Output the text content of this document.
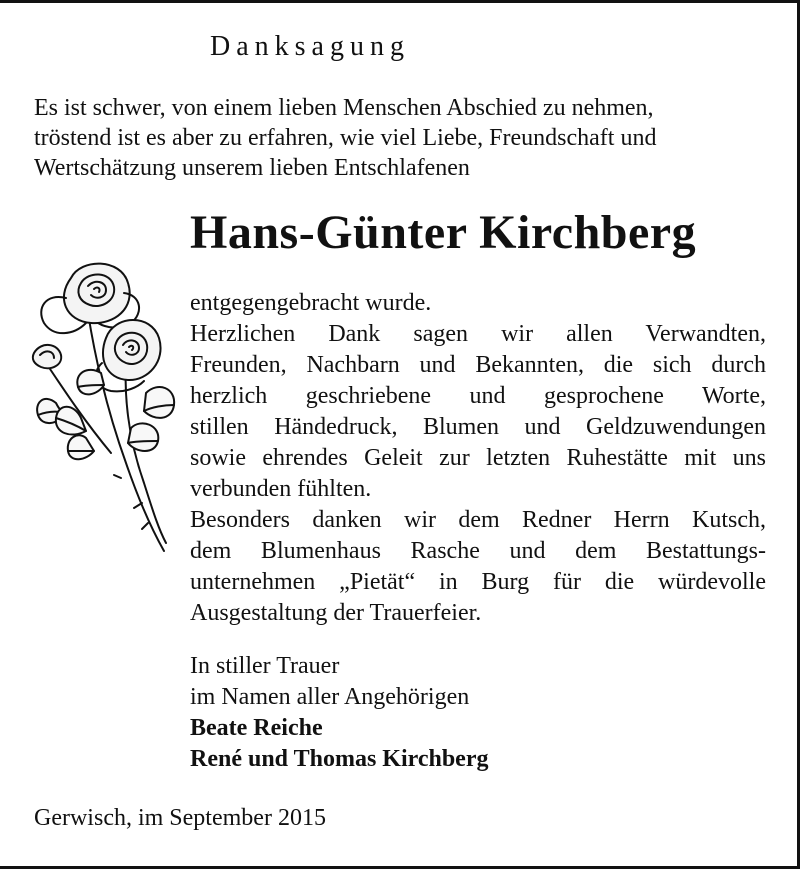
Danksagung
Es ist schwer, von einem lieben Menschen Abschied zu nehmen,
tröstend ist es aber zu erfahren, wie viel Liebe, Freundschaft und
Wertschätzung unserem lieben Entschlafenen
Hans-Günter Kirchberg
entgegengebracht wurde.
Herzlichen Dank sagen wir allen Verwandten,
Freunden, Nachbarn und Bekannten, die sich durch
herzlich geschriebene und gesprochene Worte,
stillen Händedruck, Blumen und Geldzuwendungen
sowie ehrendes Geleit zur letzten Ruhestätte mit uns
verbunden fühlten.
Besonders danken wir dem Redner Herrn Kutsch,
dem Blumenhaus Rasche und dem Bestattungs-
unternehmen „Pietät“ in Burg für die würdevolle
Ausgestaltung der Trauerfeier.
In stiller Trauer
im Namen aller Angehörigen
Beate Reiche
René und Thomas Kirchberg
Gerwisch, im September 2015
